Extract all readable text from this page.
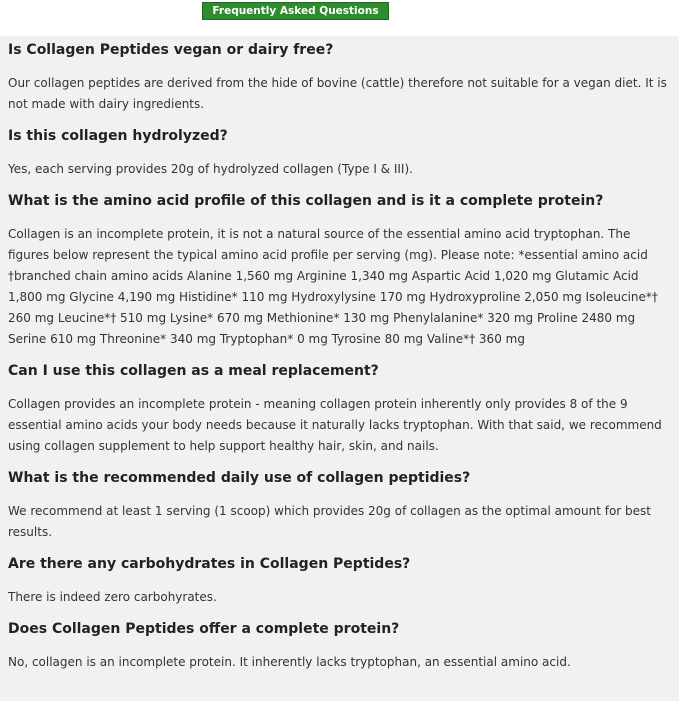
Frequently Asked Questions
Is Collagen Peptides vegan or dairy free?

Our collagen peptides are derived from the hide of bovine (cattle) therefore not suitable for a vegan diet. It is not made with dairy ingredients.

Is this collagen hydrolyzed?

Yes, each serving provides 20g of hydrolyzed collagen (Type I & III).

What is the amino acid profile of this collagen and is it a complete protein?

Collagen is an incomplete protein, it is not a natural source of the essential amino acid tryptophan. The figures below represent the typical amino acid profile per serving (mg). Please note: *essential amino acid †branched chain amino acids Alanine 1,560 mg Arginine 1,340 mg Aspartic Acid 1,020 mg Glutamic Acid 1,800 mg Glycine 4,190 mg Histidine* 110 mg Hydroxylysine 170 mg Hydroxyproline 2,050 mg Isoleucine*† 260 mg Leucine*† 510 mg Lysine* 670 mg Methionine* 130 mg Phenylalanine* 320 mg Proline 2480 mg Serine 610 mg Threonine* 340 mg Tryptophan* 0 mg Tyrosine 80 mg Valine*† 360 mg

Can I use this collagen as a meal replacement?

Collagen provides an incomplete protein - meaning collagen protein inherently only provides 8 of the 9 essential amino acids your body needs because it naturally lacks tryptophan. With that said, we recommend using collagen supplement to help support healthy hair, skin, and nails.

What is the recommended daily use of collagen peptidies?

We recommend at least 1 serving (1 scoop) which provides 20g of collagen as the optimal amount for best results.

Are there any carbohydrates in Collagen Peptides?

There is indeed zero carbohyrates.

Does Collagen Peptides offer a complete protein?

No, collagen is an incomplete protein. It inherently lacks tryptophan, an essential amino acid.
